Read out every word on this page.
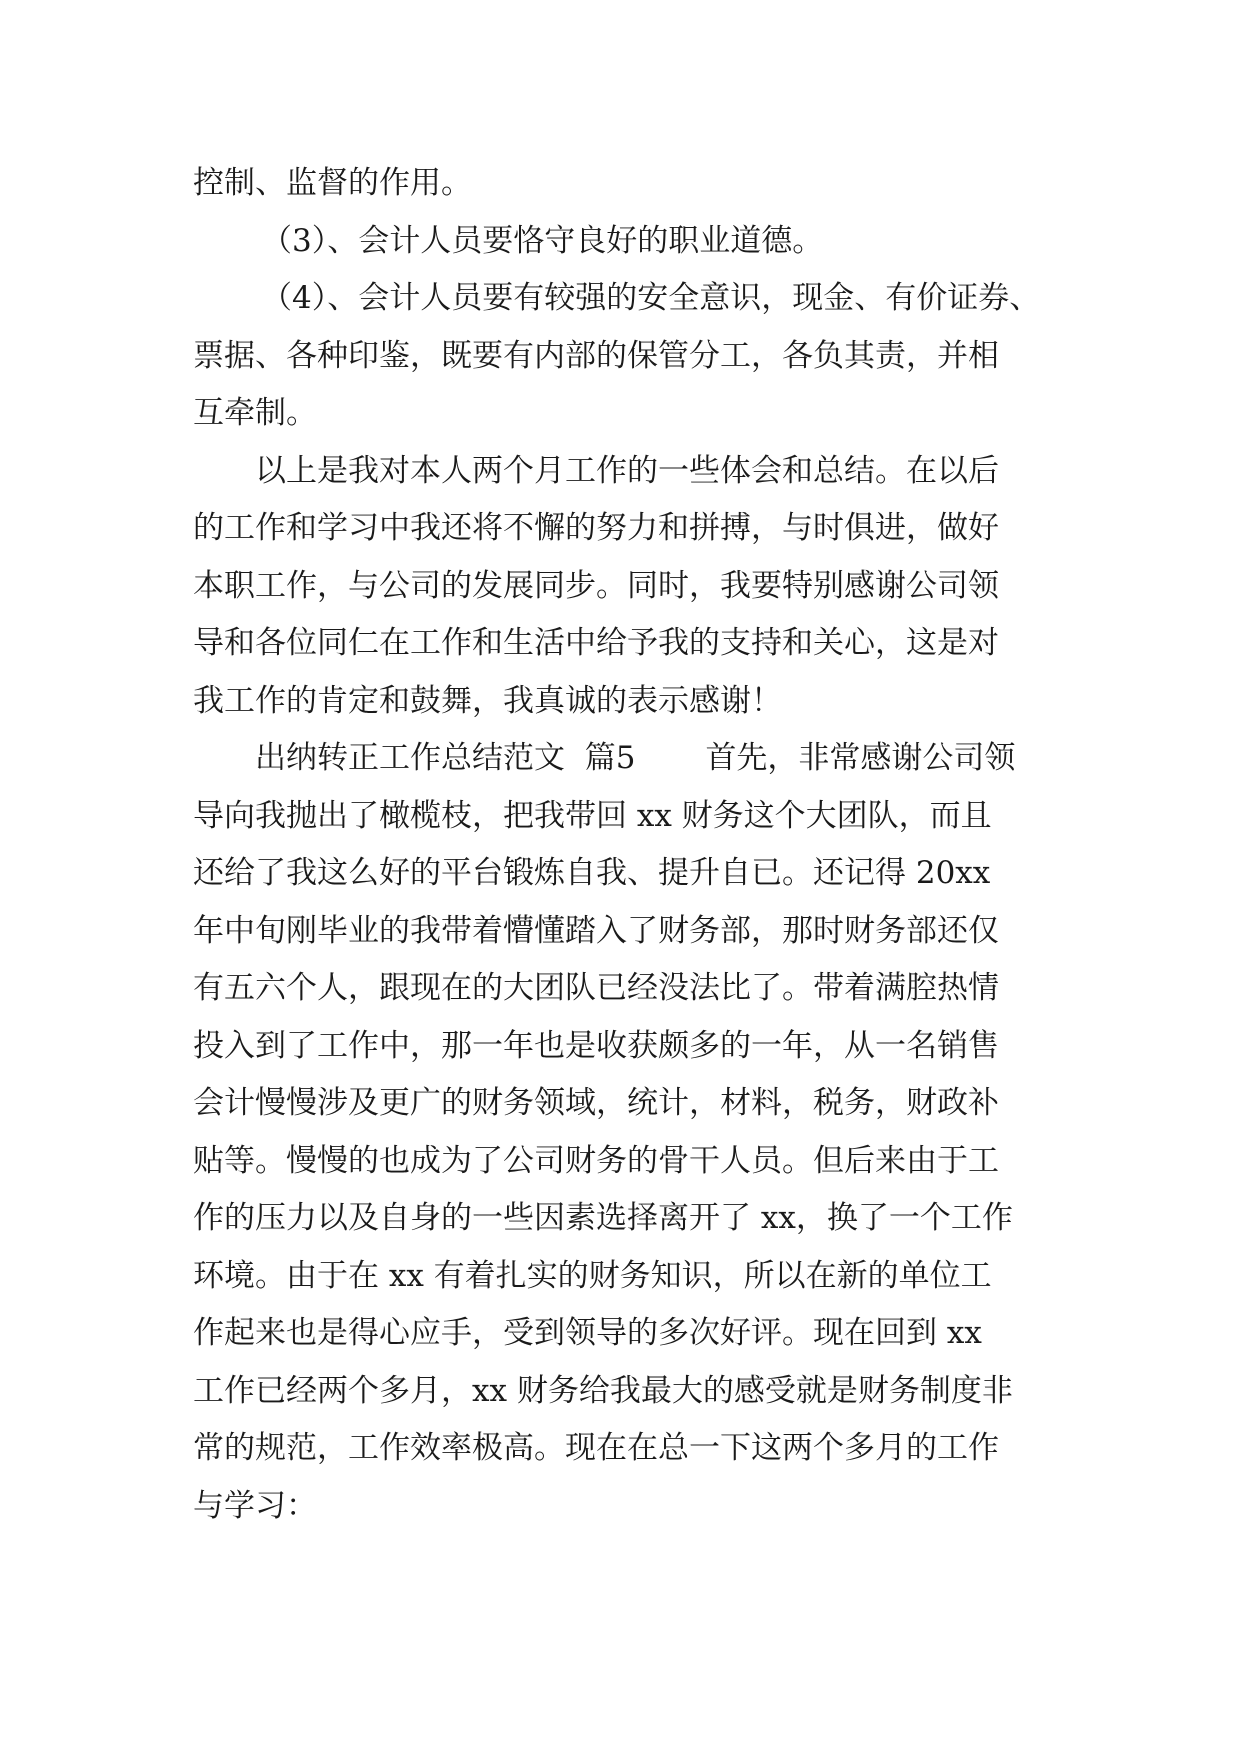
控制、监督的作用。

（3）、会计人员要恪守良好的职业道德。

（4）、会计人员要有较强的安全意识，现金、有价证券、

票据、各种印鉴，既要有内部的保管分工，各负其责，并相

互牵制。

以上是我对本人两个月工作的一些体会和总结。在以后

的工作和学习中我还将不懈的努力和拼搏，与时俱进，做好

本职工作，与公司的发展同步。同时，我要特别感谢公司领

导和各位同仁在工作和生活中给予我的支持和关心，这是对

我工作的肯定和鼓舞，我真诚的表示感谢！

出纳转正工作总结范文  篇5 首先，非常感谢公司领

导向我抛出了橄榄枝，把我带回 xx 财务这个大团队，而且

还给了我这么好的平台锻炼自我、提升自已。还记得 20xx

年中旬刚毕业的我带着懵懂踏入了财务部，那时财务部还仅

有五六个人，跟现在的大团队已经没法比了。带着满腔热情

投入到了工作中，那一年也是收获颇多的一年，从一名销售

会计慢慢涉及更广的财务领域，统计，材料，税务，财政补

贴等。慢慢的也成为了公司财务的骨干人员。但后来由于工

作的压力以及自身的一些因素选择离开了 xx，换了一个工作

环境。由于在 xx 有着扎实的财务知识，所以在新的单位工

作起来也是得心应手，受到领导的多次好评。现在回到 xx

工作已经两个多月，xx 财务给我最大的感受就是财务制度非

常的规范，工作效率极高。现在在总一下这两个多月的工作

与学习：
